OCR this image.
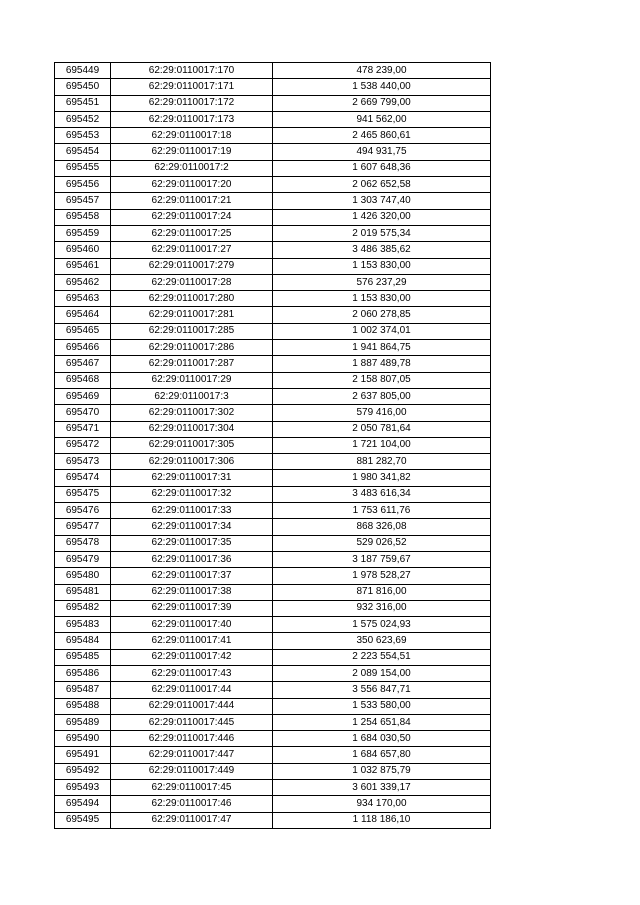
695449	62:29:0110017:170	478 239,00
695450	62:29:0110017:171	1 538 440,00
695451	62:29:0110017:172	2 669 799,00
695452	62:29:0110017:173	941 562,00
695453	62:29:0110017:18	2 465 860,61
695454	62:29:0110017:19	494 931,75
695455	62:29:0110017:2	1 607 648,36
695456	62:29:0110017:20	2 062 652,58
695457	62:29:0110017:21	1 303 747,40
695458	62:29:0110017:24	1 426 320,00
695459	62:29:0110017:25	2 019 575,34
695460	62:29:0110017:27	3 486 385,62
695461	62:29:0110017:279	1 153 830,00
695462	62:29:0110017:28	576 237,29
695463	62:29:0110017:280	1 153 830,00
695464	62:29:0110017:281	2 060 278,85
695465	62:29:0110017:285	1 002 374,01
695466	62:29:0110017:286	1 941 864,75
695467	62:29:0110017:287	1 887 489,78
695468	62:29:0110017:29	2 158 807,05
695469	62:29:0110017:3	2 637 805,00
695470	62:29:0110017:302	579 416,00
695471	62:29:0110017:304	2 050 781,64
695472	62:29:0110017:305	1 721 104,00
695473	62:29:0110017:306	881 282,70
695474	62:29:0110017:31	1 980 341,82
695475	62:29:0110017:32	3 483 616,34
695476	62:29:0110017:33	1 753 611,76
695477	62:29:0110017:34	868 326,08
695478	62:29:0110017:35	529 026,52
695479	62:29:0110017:36	3 187 759,67
695480	62:29:0110017:37	1 978 528,27
695481	62:29:0110017:38	871 816,00
695482	62:29:0110017:39	932 316,00
695483	62:29:0110017:40	1 575 024,93
695484	62:29:0110017:41	350 623,69
695485	62:29:0110017:42	2 223 554,51
695486	62:29:0110017:43	2 089 154,00
695487	62:29:0110017:44	3 556 847,71
695488	62:29:0110017:444	1 533 580,00
695489	62:29:0110017:445	1 254 651,84
695490	62:29:0110017:446	1 684 030,50
695491	62:29:0110017:447	1 684 657,80
695492	62:29:0110017:449	1 032 875,79
695493	62:29:0110017:45	3 601 339,17
695494	62:29:0110017:46	934 170,00
695495	62:29:0110017:47	1 118 186,10
